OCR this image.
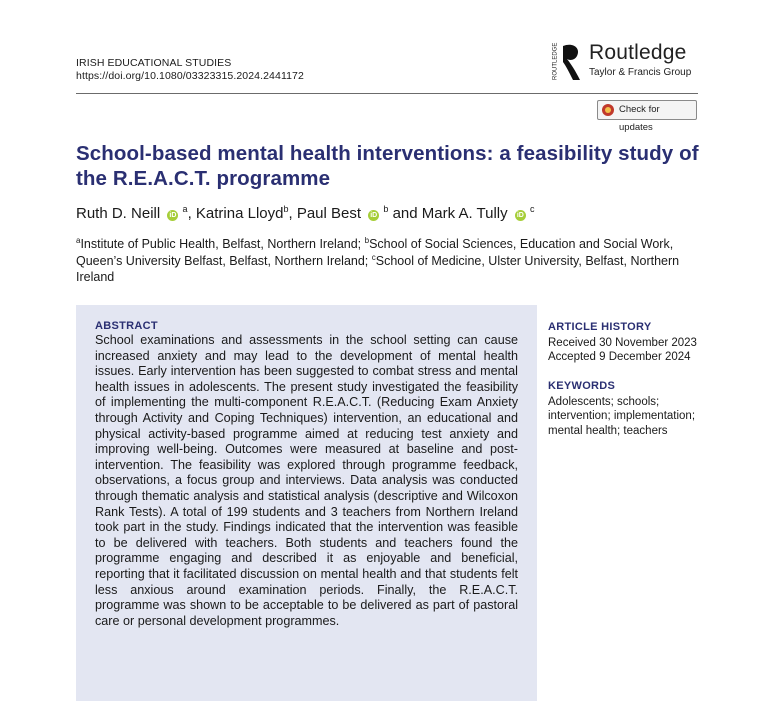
IRISH EDUCATIONAL STUDIES
https://doi.org/10.1080/03323315.2024.2441172	ROUTLEDGE Routledge
Taylor & Francis Group
Check for updates
School-based mental health interventions: a feasibility study of the R.E.A.C.T. programme
Ruth D. Neill iD $^a$, Katrina Lloyd$^b$, Paul Best iD $^b$ and Mark A. Tully iD $^c$
$^a$Institute of Public Health, Belfast, Northern Ireland; $^b$School of Social Sciences, Education and Social Work, Queen’s University Belfast, Belfast, Northern Ireland; $^c$School of Medicine, Ulster University, Belfast, Northern Ireland
ABSTRACT
School examinations and assessments in the school setting can cause increased anxiety and may lead to the development of mental health issues. Early intervention has been suggested to combat stress and mental health issues in adolescents. The present study investigated the feasibility of implementing the multi-component R.E.A.C.T. (Reducing Exam Anxiety through Activity and Coping Techniques) intervention, an educational and physical activity-based programme aimed at reducing test anxiety and improving well-being. Outcomes were measured at baseline and post-intervention. The feasibility was explored through programme feedback, observations, a focus group and interviews. Data analysis was conducted through thematic analysis and statistical analysis (descriptive and Wilcoxon Rank Tests). A total of 199 students and 3 teachers from Northern Ireland took part in the study. Findings indicated that the intervention was feasible to be delivered with teachers. Both students and teachers found the programme engaging and described it as enjoyable and beneficial, reporting that it facilitated discussion on mental health and that students felt less anxious around examination periods. Finally, the R.E.A.C.T. programme was shown to be acceptable to be delivered as part of pastoral care or personal development programmes.
ARTICLE HISTORY
Received 30 November 2023
Accepted 9 December 2024
KEYWORDS
Adolescents; schools; intervention; implementation; mental health; teachers
